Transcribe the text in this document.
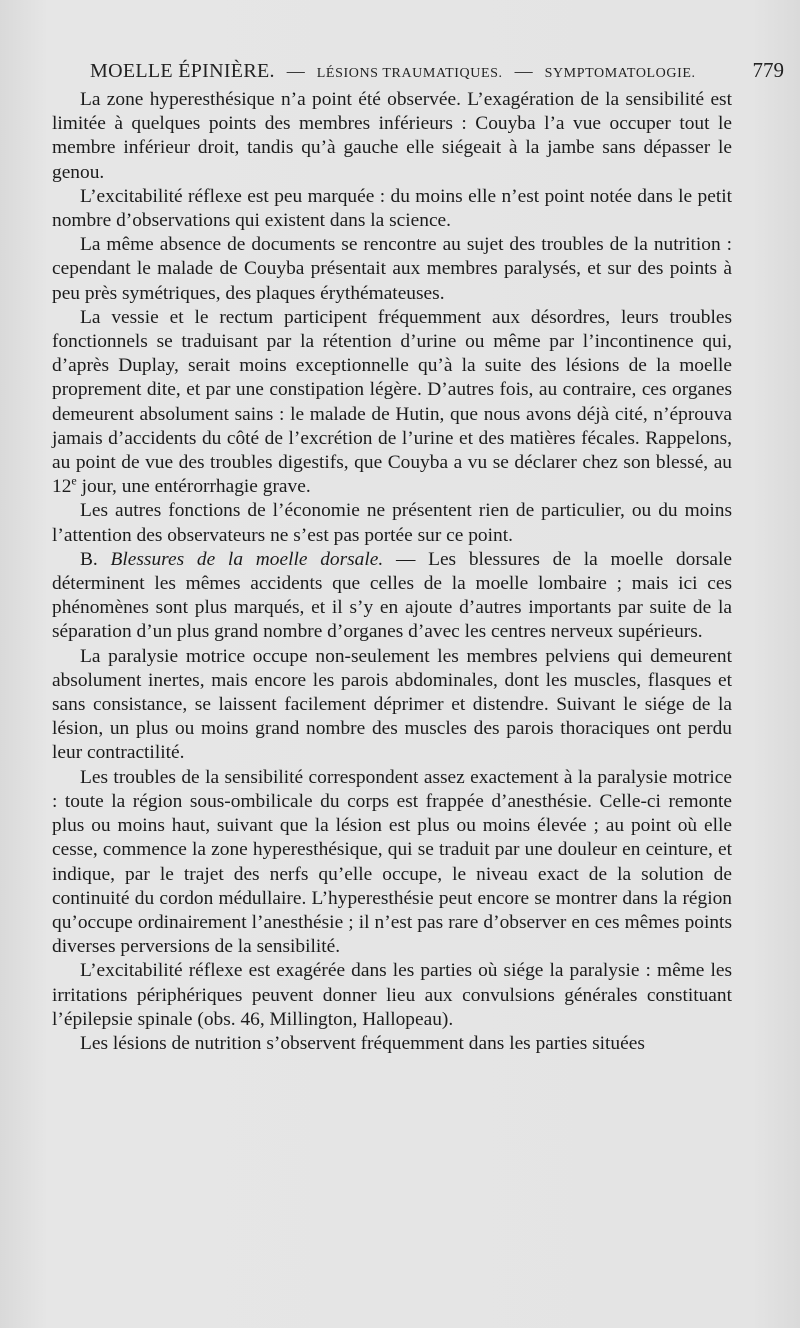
MOELLE ÉPINIÈRE. — LÉSIONS TRAUMATIQUES. — SYMPTOMATOLOGIE.	779

La zone hyperesthésique n’a point été observée. L’exagération de la sensibilité est limitée à quelques points des membres inférieurs : Couyba l’a vue occuper tout le membre inférieur droit, tandis qu’à gauche elle siégeait à la jambe sans dépasser le genou.

L’excitabilité réflexe est peu marquée : du moins elle n’est point notée dans le petit nombre d’observations qui existent dans la science.

La même absence de documents se rencontre au sujet des troubles de la nutrition : cependant le malade de Couyba présentait aux membres paralysés, et sur des points à peu près symétriques, des plaques érythémateuses.

La vessie et le rectum participent fréquemment aux désordres, leurs troubles fonctionnels se traduisant par la rétention d’urine ou même par l’incontinence qui, d’après Duplay, serait moins exceptionnelle qu’à la suite des lésions de la moelle proprement dite, et par une constipation légère. D’autres fois, au contraire, ces organes demeurent absolument sains : le malade de Hutin, que nous avons déjà cité, n’éprouva jamais d’accidents du côté de l’excrétion de l’urine et des matières fécales. Rappelons, au point de vue des troubles digestifs, que Couyba a vu se déclarer chez son blessé, au 12e jour, une entérorrhagie grave.

Les autres fonctions de l’économie ne présentent rien de particulier, ou du moins l’attention des observateurs ne s’est pas portée sur ce point.

B. Blessures de la moelle dorsale. — Les blessures de la moelle dorsale déterminent les mêmes accidents que celles de la moelle lombaire ; mais ici ces phénomènes sont plus marqués, et il s’y en ajoute d’autres importants par suite de la séparation d’un plus grand nombre d’organes d’avec les centres nerveux supérieurs.

La paralysie motrice occupe non-seulement les membres pelviens qui demeurent absolument inertes, mais encore les parois abdominales, dont les muscles, flasques et sans consistance, se laissent facilement déprimer et distendre. Suivant le siége de la lésion, un plus ou moins grand nombre des muscles des parois thoraciques ont perdu leur contractilité.

Les troubles de la sensibilité correspondent assez exactement à la paralysie motrice : toute la région sous-ombilicale du corps est frappée d’anesthésie. Celle-ci remonte plus ou moins haut, suivant que la lésion est plus ou moins élevée ; au point où elle cesse, commence la zone hyperesthésique, qui se traduit par une douleur en ceinture, et indique, par le trajet des nerfs qu’elle occupe, le niveau exact de la solution de continuité du cordon médullaire. L’hyperesthésie peut encore se montrer dans la région qu’occupe ordinairement l’anesthésie ; il n’est pas rare d’observer en ces mêmes points diverses perversions de la sensibilité.

L’excitabilité réflexe est exagérée dans les parties où siége la paralysie : même les irritations périphériques peuvent donner lieu aux convulsions générales constituant l’épilepsie spinale (obs. 46, Millington, Hallopeau).

Les lésions de nutrition s’observent fréquemment dans les parties situées
